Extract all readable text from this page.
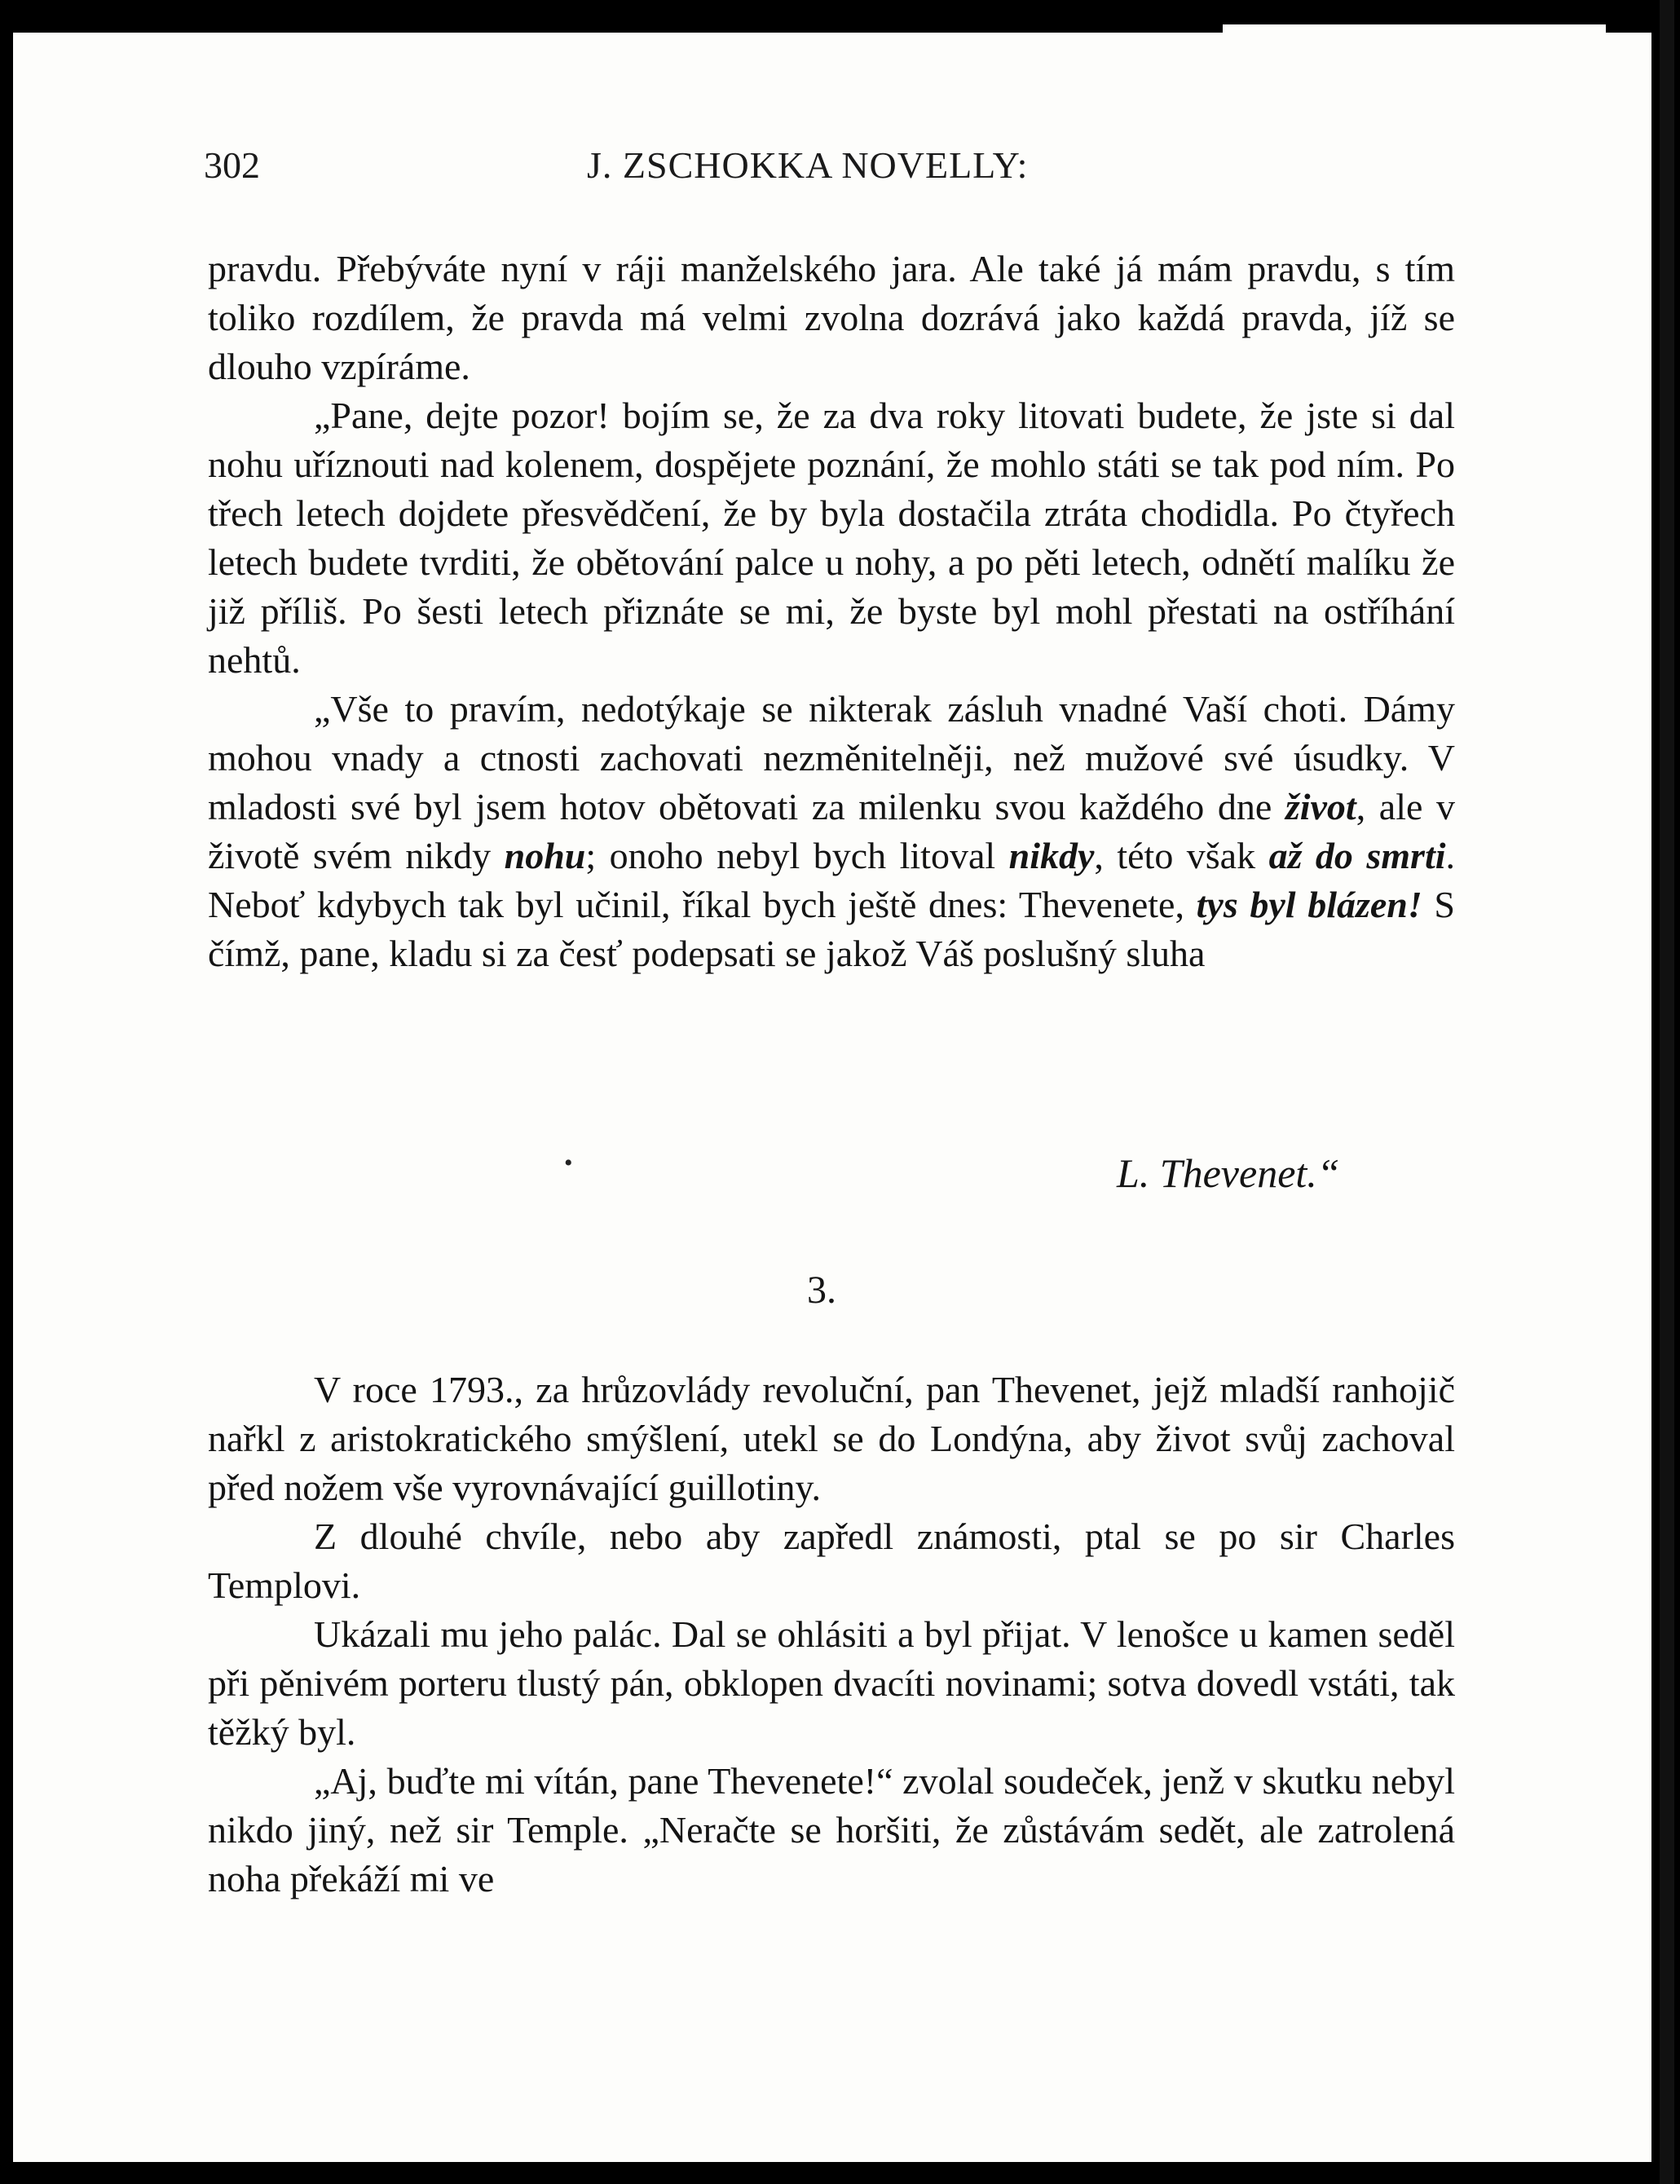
302	J. ZSCHOKKA NOVELLY:

pravdu. Přebýváte nyní v ráji manželského jara. Ale také já mám pravdu, s tím toliko rozdílem, že pravda má velmi zvolna dozrává jako každá pravda, jíž se dlouho vzpíráme.

„Pane, dejte pozor! bojím se, že za dva roky litovati budete, že jste si dal nohu uříznouti nad kolenem, dospějete poznání, že mohlo státi se tak pod ním. Po třech letech dojdete přesvědčení, že by byla dostačila ztráta chodidla. Po čtyřech letech budete tvrditi, že obětování palce u nohy, a po pěti letech, odnětí malíku že již příliš. Po šesti letech přiznáte se mi, že byste byl mohl přestati na ostříhání nehtů.

„Vše to pravím, nedotýkaje se nikterak zásluh vnadné Vaší choti. Dámy mohou vnady a ctnosti zachovati nezměnitelněji, než mužové své úsudky. V mladosti své byl jsem hotov obětovati za milenku svou každého dne život, ale v životě svém nikdy nohu; onoho nebyl bych litoval nikdy, této však až do smrti. Neboť kdybych tak byl učinil, říkal bych ještě dnes: Thevenete, tys byl blázen! S čímž, pane, kladu si za česť podepsati se jakož Váš poslušný sluha

•	L. Thevenet.“
3.

V roce 1793., za hrůzovlády revoluční, pan Thevenet, jejž mladší ranhojič nařkl z aristokratického smýšlení, utekl se do Londýna, aby život svůj zachoval před nožem vše vyrovnávající guillotiny.

Z dlouhé chvíle, nebo aby zapředl známosti, ptal se po sir Charles Templovi.

Ukázali mu jeho palác. Dal se ohlásiti a byl přijat. V lenošce u kamen seděl při pěnivém porteru tlustý pán, obklopen dvacíti novinami; sotva dovedl vstáti, tak těžký byl.

„Aj, buďte mi vítán, pane Thevenete!“ zvolal soudeček, jenž v skutku nebyl nikdo jiný, než sir Temple. „Neračte se horšiti, že zůstávám sedět, ale zatrolená noha překáží mi ve
